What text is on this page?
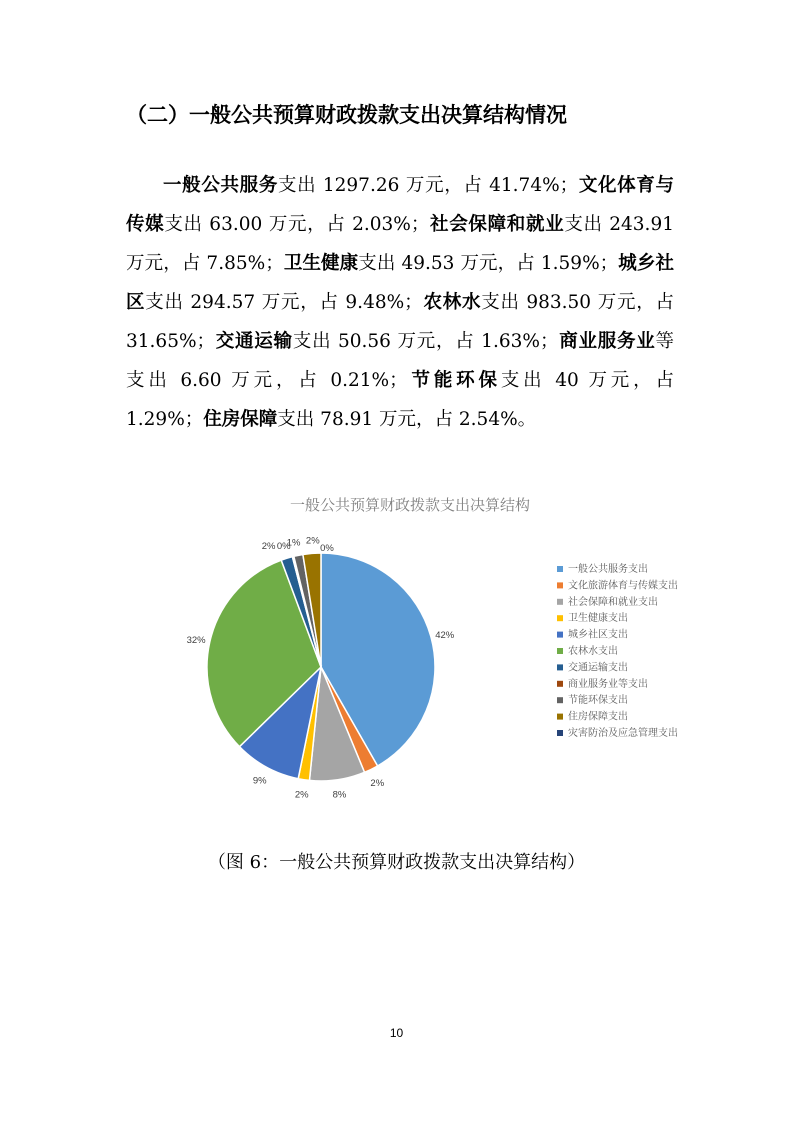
（二）一般公共预算财政拨款支出决算结构情况
一般公共服务支出 1297.26 万元，占 41.74%；文化体育与传媒支出 63.00 万元，占 2.03%；社会保障和就业支出 243.91 万元，占 7.85%；卫生健康支出 49.53 万元，占 1.59%；城乡社区支出 294.57 万元，占 9.48%；农林水支出 983.50 万元，占 31.65%；交通运输支出 50.56 万元，占 1.63%；商业服务业等支出 6.60 万元，占 0.21%；节能环保支出 40 万元，占 1.29%；住房保障支出 78.91 万元，占 2.54%。
一般公共预算财政拨款支出决算结构
42%
2%
8%
2%
9%
32%
2% 0%
1% 2%
0%
一般公共服务支出
文化旅游体育与传媒支出
社会保障和就业支出
卫生健康支出
城乡社区支出
农林水支出
交通运输支出
商业服务业等支出
节能环保支出
住房保障支出
灾害防治及应急管理支出
（图 6：一般公共预算财政拨款支出决算结构）
10
